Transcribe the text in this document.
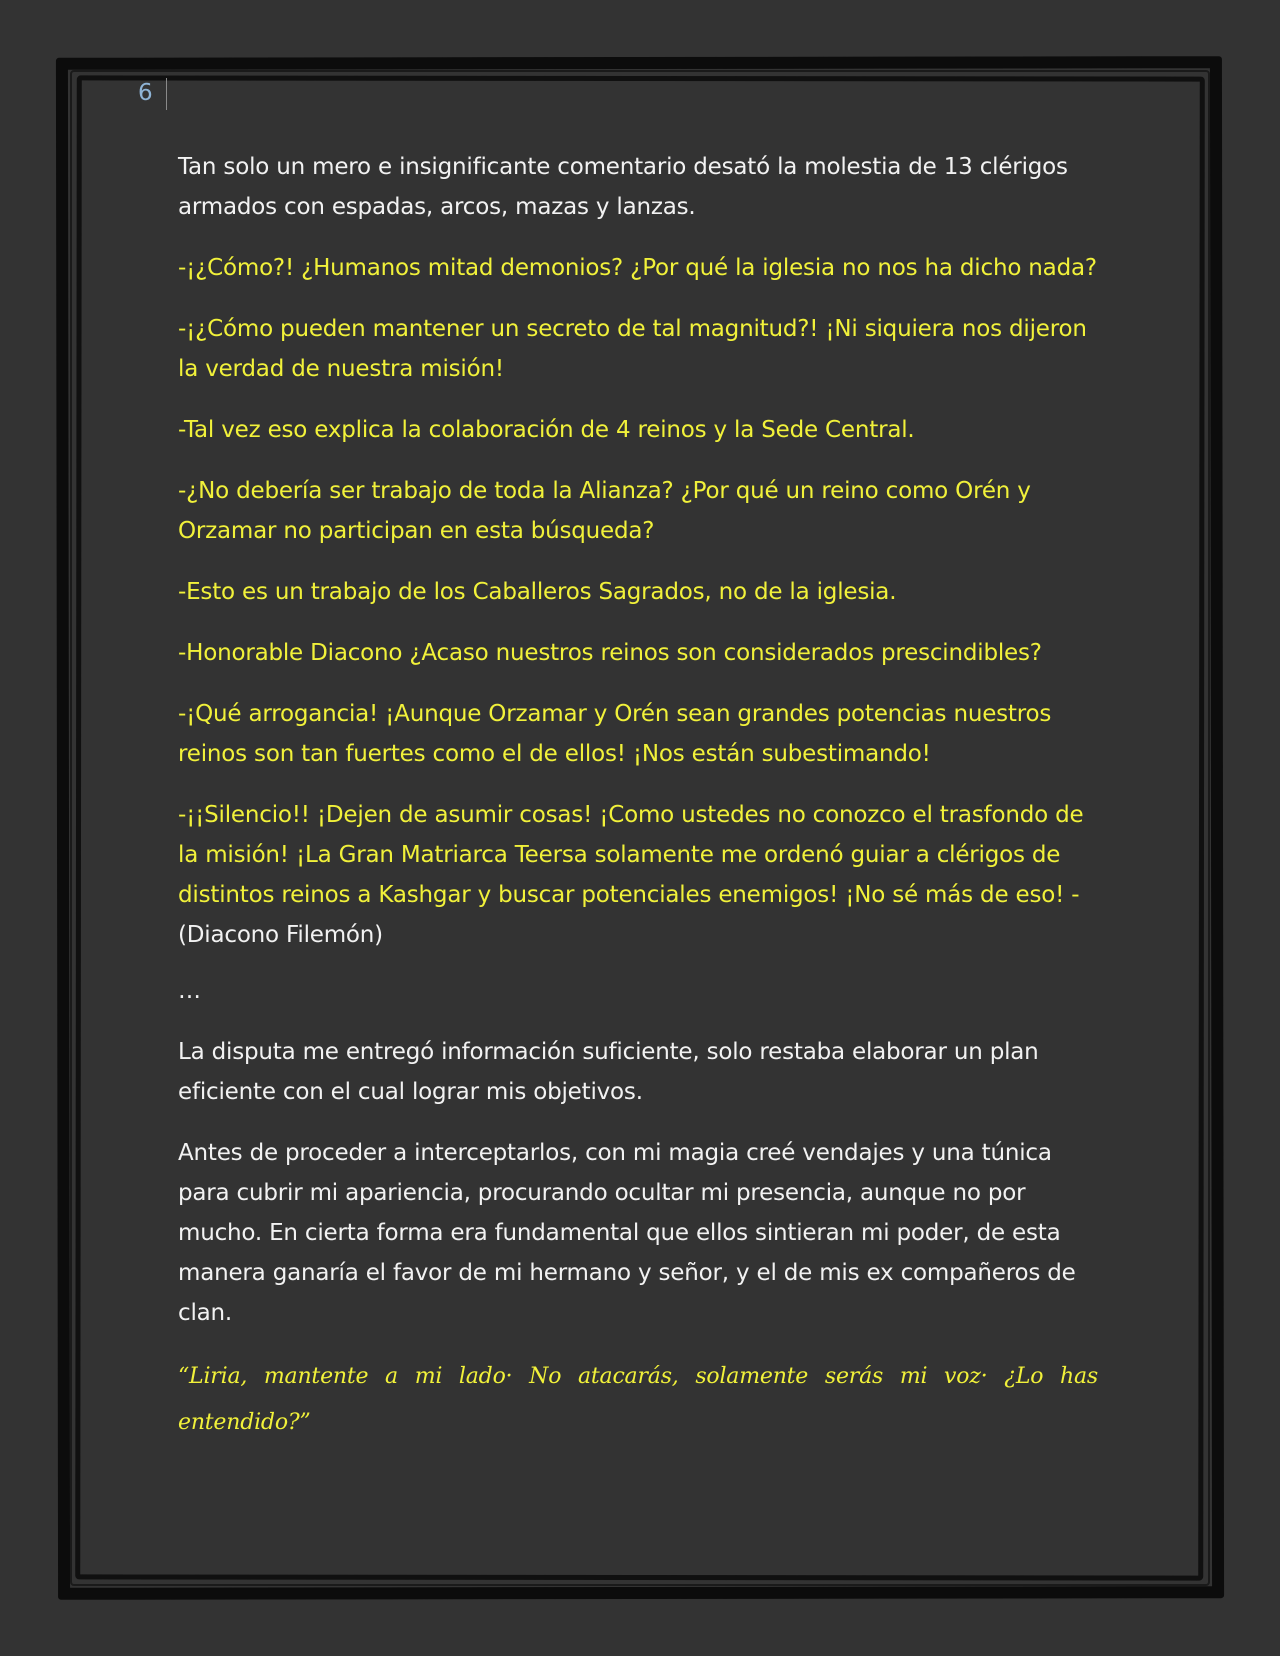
6

Tan solo un mero e insignificante comentario desató la molestia de 13 clérigos armados con espadas, arcos, mazas y lanzas.

-¡¿Cómo?! ¿Humanos mitad demonios? ¿Por qué la iglesia no nos ha dicho nada?

-¡¿Cómo pueden mantener un secreto de tal magnitud?! ¡Ni siquiera nos dijeron la verdad de nuestra misión!

-Tal vez eso explica la colaboración de 4 reinos y la Sede Central.

-¿No debería ser trabajo de toda la Alianza? ¿Por qué un reino como Orén y Orzamar no participan en esta búsqueda?

-Esto es un trabajo de los Caballeros Sagrados, no de la iglesia.

-Honorable Diacono ¿Acaso nuestros reinos son considerados prescindibles?

-¡Qué arrogancia! ¡Aunque Orzamar y Orén sean grandes potencias nuestros reinos son tan fuertes como el de ellos! ¡Nos están subestimando!

-¡¡Silencio!! ¡Dejen de asumir cosas! ¡Como ustedes no conozco el trasfondo de la misión! ¡La Gran Matriarca Teersa solamente me ordenó guiar a clérigos de distintos reinos a Kashgar y buscar potenciales enemigos! ¡No sé más de eso! -
(Diacono Filemón)

…

La disputa me entregó información suficiente, solo restaba elaborar un plan eficiente con el cual lograr mis objetivos.

Antes de proceder a interceptarlos, con mi magia creé vendajes y una túnica para cubrir mi apariencia, procurando ocultar mi presencia, aunque no por mucho. En cierta forma era fundamental que ellos sintieran mi poder, de esta manera ganaría el favor de mi hermano y señor, y el de mis ex compañeros de clan.

“Liria, mantente a mi lado· No atacarás, solamente serás mi voz· ¿Lo has entendido?”
